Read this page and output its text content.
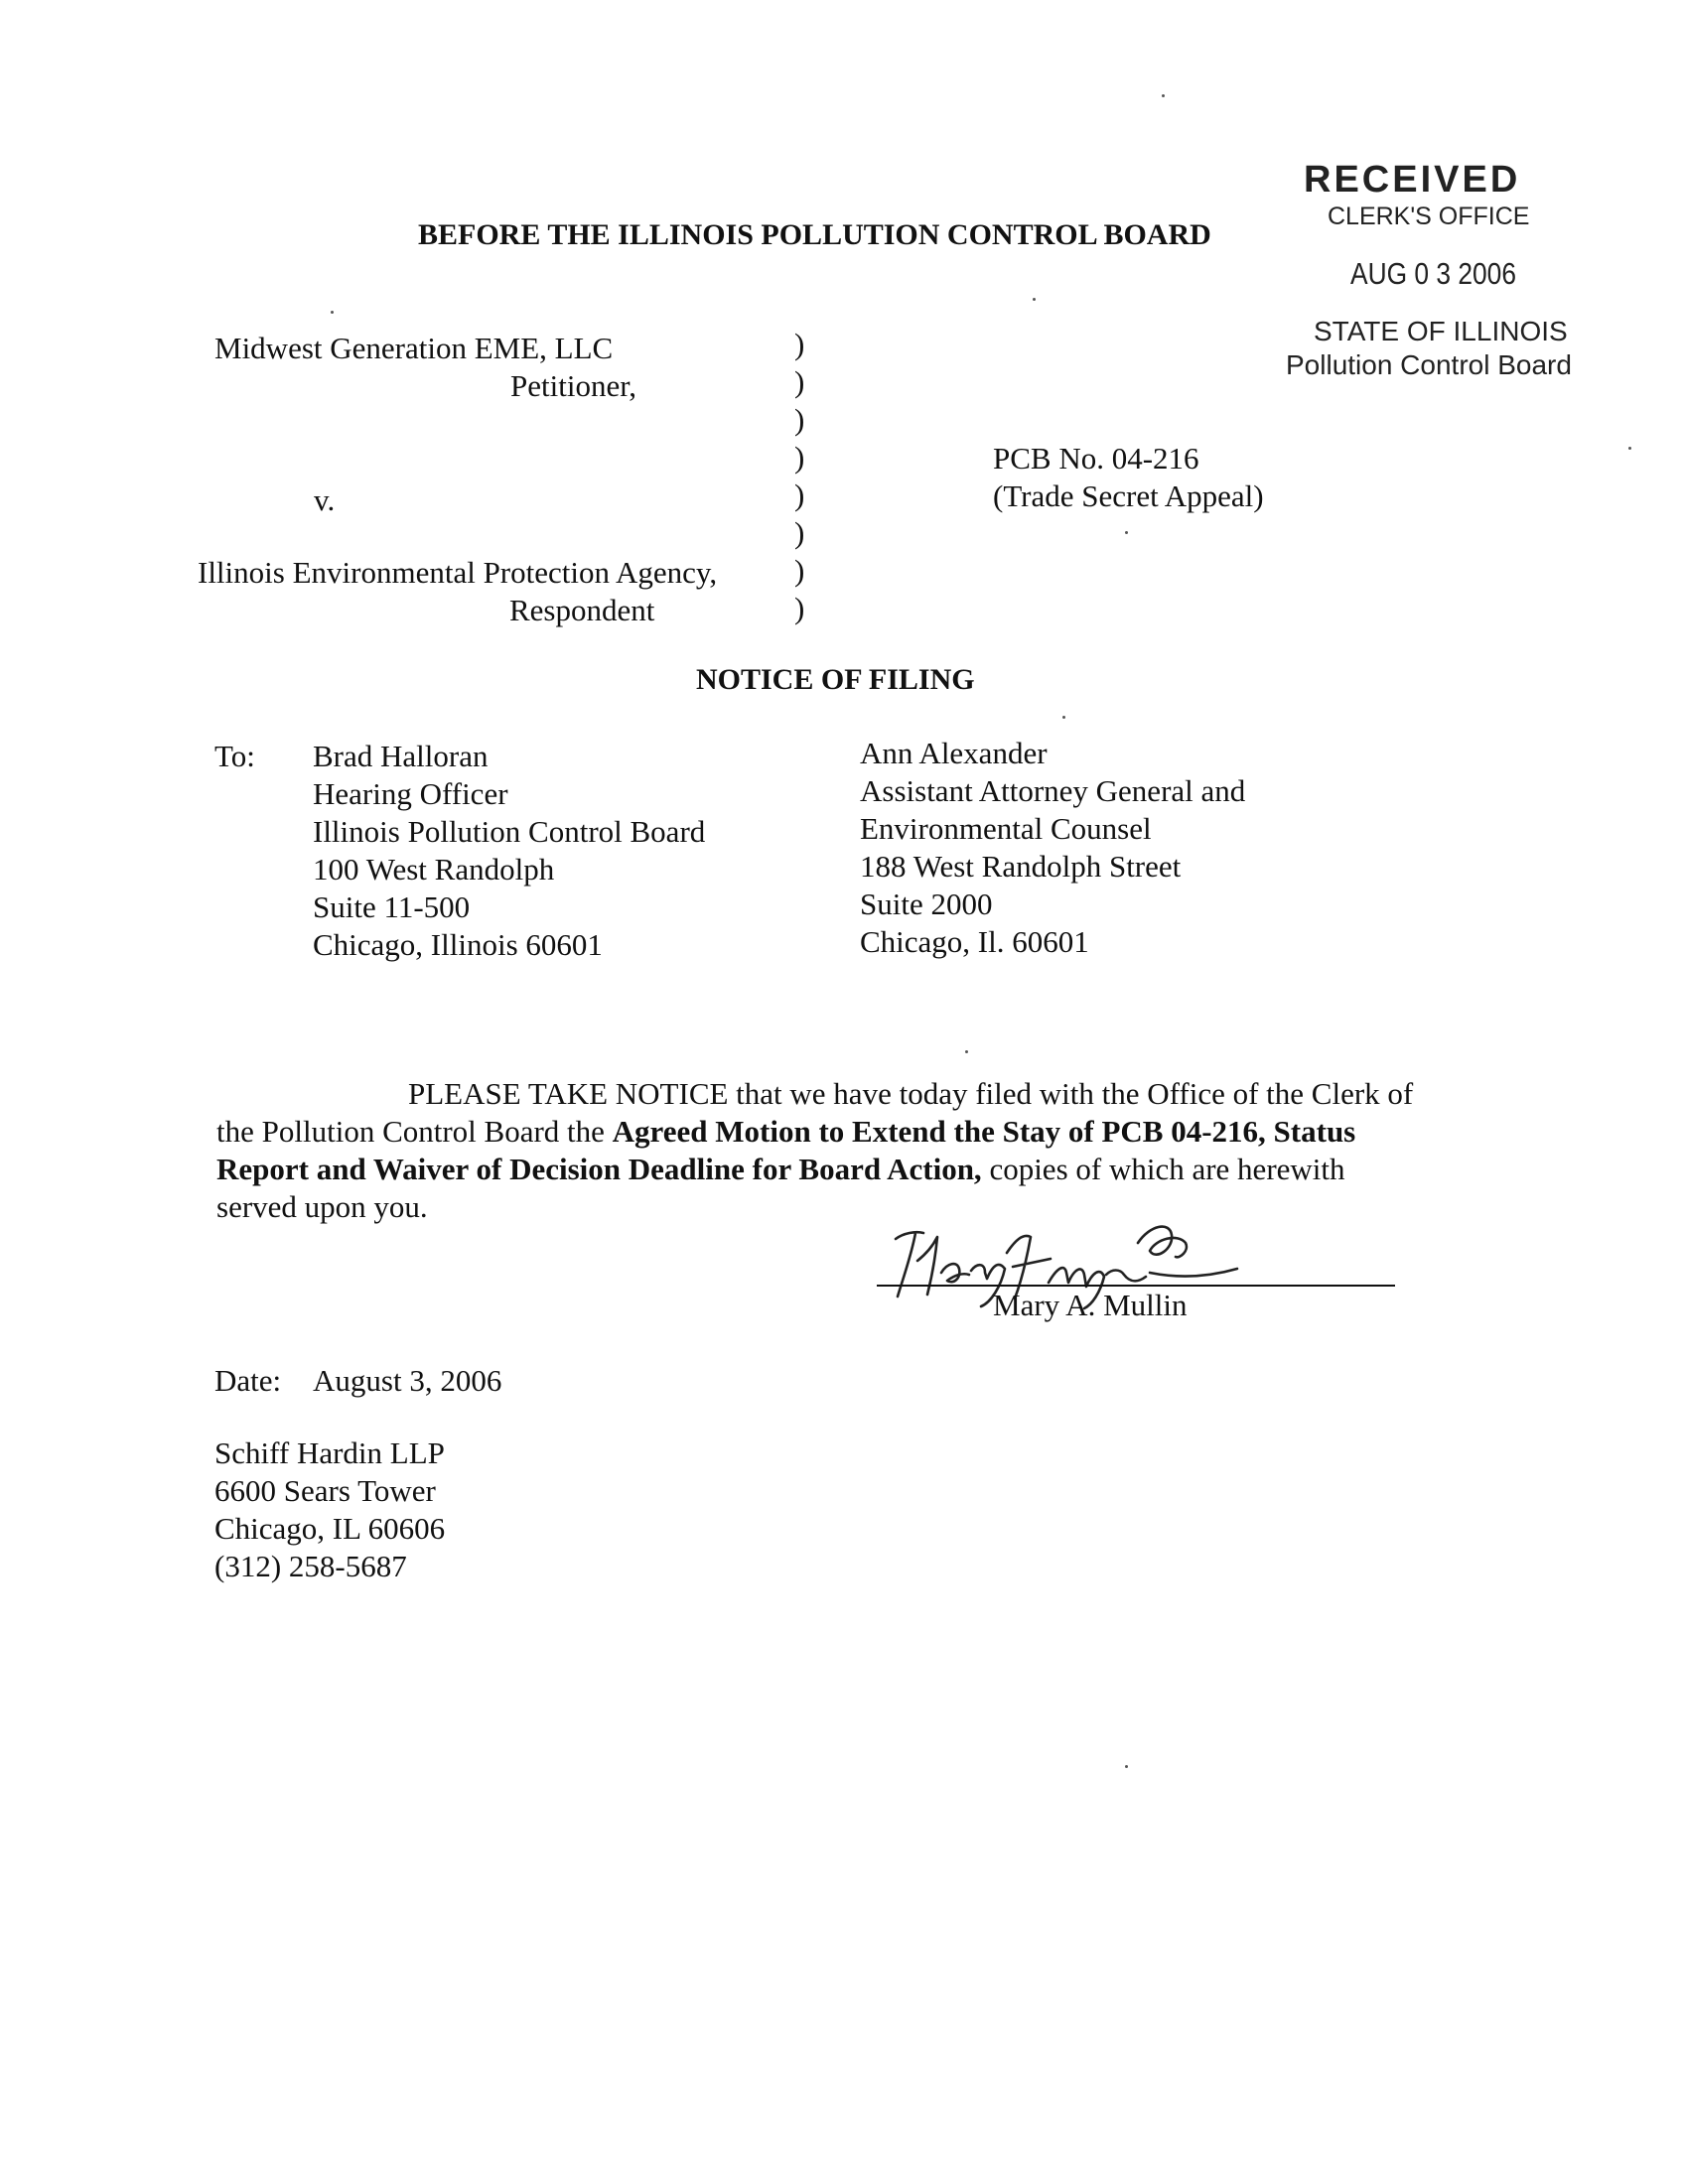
RECEIVED
CLERK'S OFFICE
AUG 0 3 2006
STATE OF ILLINOIS
Pollution Control Board
BEFORE THE ILLINOIS POLLUTION CONTROL BOARD
Midwest Generation EME, LLC
Petitioner,
v.
Illinois Environmental Protection Agency,
Respondent
)
)
)
)
)
)
)
)
PCB No. 04-216
(Trade Secret Appeal)
NOTICE OF FILING
To: Brad Halloran
Hearing Officer
Illinois Pollution Control Board
100 West Randolph
Suite 11-500
Chicago, Illinois 60601
Ann Alexander
Assistant Attorney General and
Environmental Counsel
188 West Randolph Street
Suite 2000
Chicago, Il. 60601
PLEASE TAKE NOTICE that we have today filed with the Office of the Clerk of
the Pollution Control Board the Agreed Motion to Extend the Stay of PCB 04-216, Status
Report and Waiver of Decision Deadline for Board Action, copies of which are herewith
served upon you.
Mary A. Mullin
Date: August 3, 2006
Schiff Hardin LLP
6600 Sears Tower
Chicago, IL 60606
(312) 258-5687
